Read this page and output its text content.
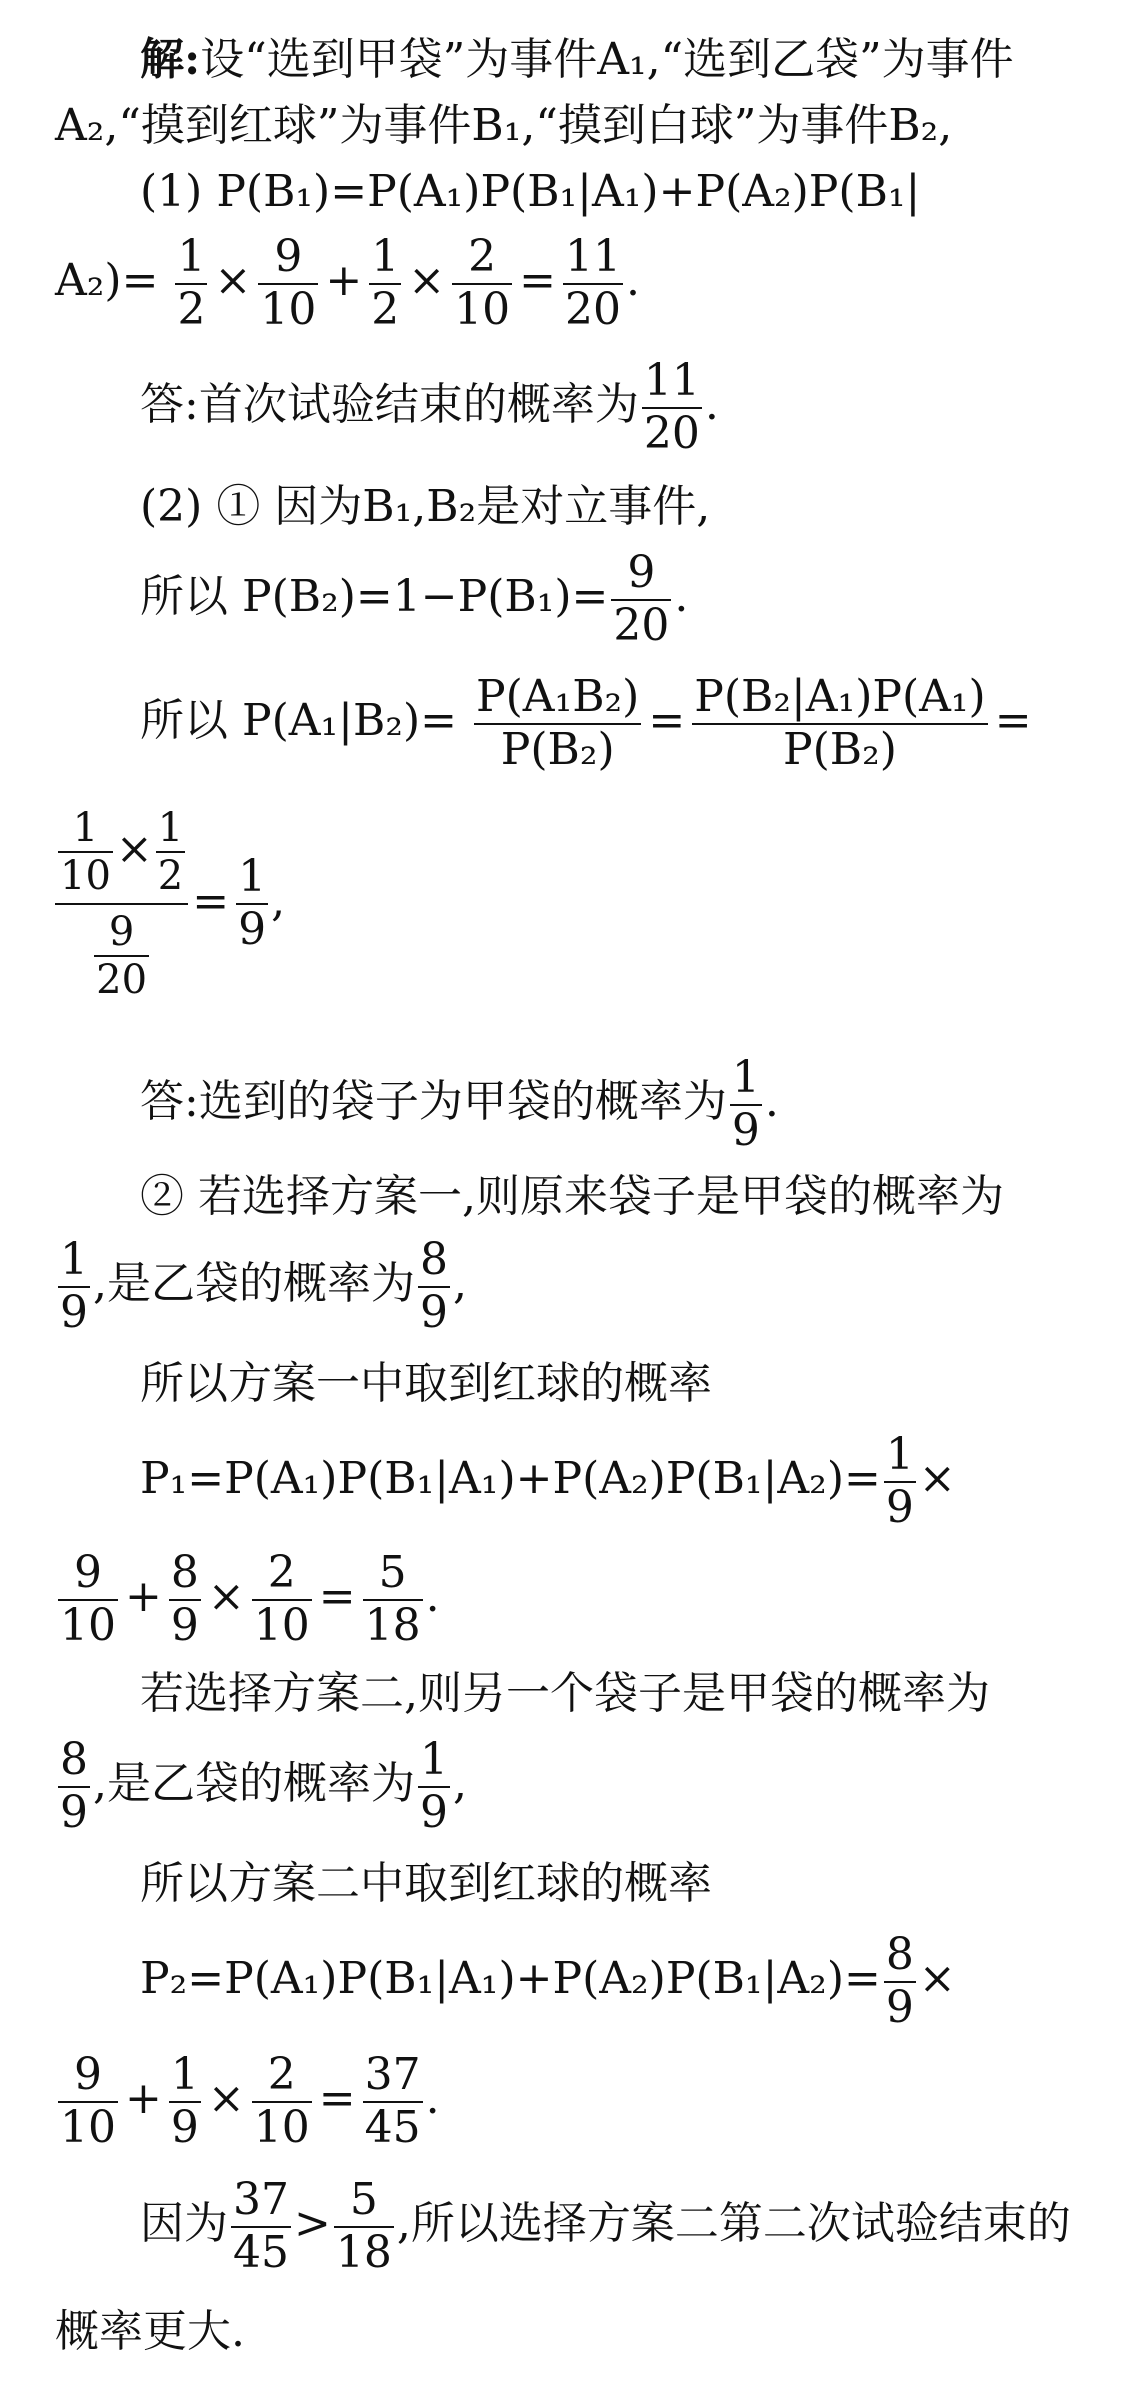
解:设“选到甲袋”为事件A₁,“选到乙袋”为事件
A₂,“摸到红球”为事件B₁,“摸到白球”为事件B₂,
(1) P(B₁)=P(A₁)P(B₁|A₁)+P(A₂)P(B₁|
$A_2)= \frac{1}{2} \times \frac{9}{10} + \frac{1}{2} \times \frac{2}{10} = \frac{11}{20}$ .
答:首次试验结束的概率为 $\frac{11}{20}$ .
(2) ① 因为B₁,B₂是对立事件,
所以 $P(B_2)=1-P(B_1)= \frac{9}{20}$ .
所以 $P(A_1|B_2)= \frac{\text{P(A₁B₂)}}{\text{P(B₂)}} = \frac{\text{P(B₂|A₁)P(A₁)}}{\text{P(B₂)}}$ =
$\frac{\frac{1}{10} \times \frac{1}{2}}{\frac{9}{20}} = \frac{1}{9}$ ,
答:选到的袋子为甲袋的概率为 $\frac{1}{9}$ .
② 若选择方案一,则原来袋子是甲袋的概率为
$\frac{1}{9}$ ,是乙袋的概率为 $\frac{8}{9}$ ,
所以方案一中取到红球的概率
$P_1=P(A_1)P(B_1|A_1)+P(A_2)P(B_1|A_2)= \frac{1}{9}$ ×
$\frac{9}{10} + \frac{8}{9} \times \frac{2}{10} = \frac{5}{18}$ .
若选择方案二,则另一个袋子是甲袋的概率为
$\frac{8}{9}$ ,是乙袋的概率为 $\frac{1}{9}$ ,
所以方案二中取到红球的概率
$P_2=P(A_1)P(B_1|A_1)+P(A_2)P(B_1|A_2)= \frac{8}{9}$ ×
$\frac{9}{10} + \frac{1}{9} \times \frac{2}{10} = \frac{37}{45}$ .
因为 $\frac{37}{45} > \frac{5}{18}$ ,所以选择方案二第二次试验结束的
概率更大.
